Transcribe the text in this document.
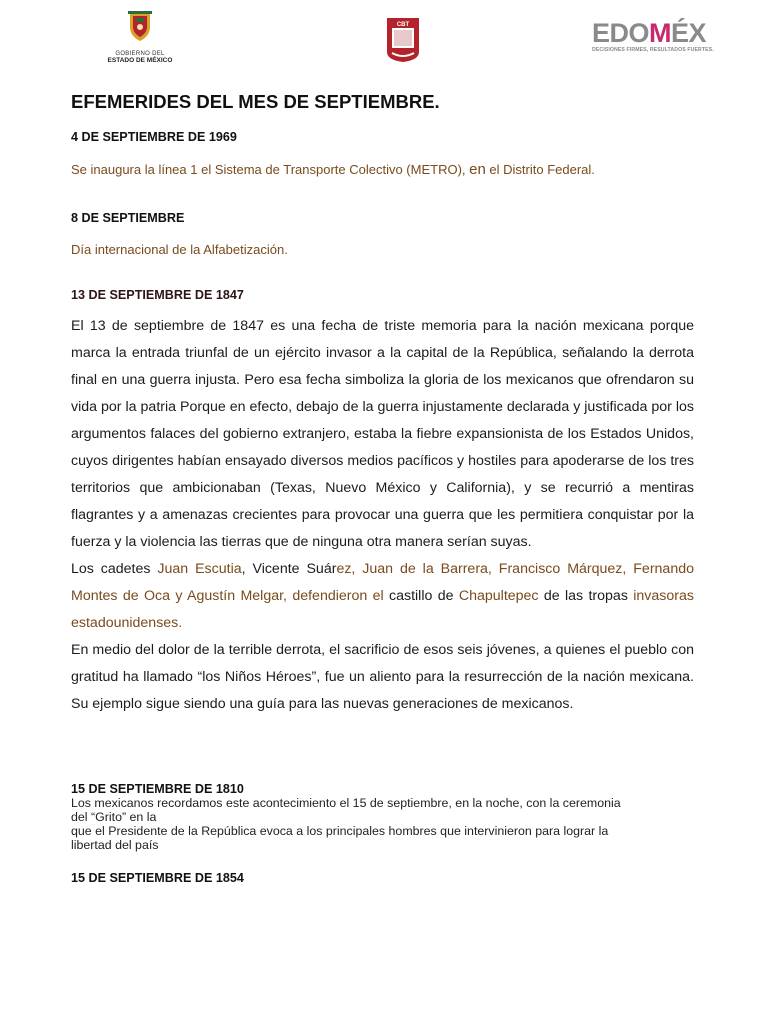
GOBIERNO DEL
ESTADO DE MÉXICO
CBT	EDOMÉX
DECISIONES FIRMES, RESULTADOS FUERTES.
EFEMERIDES DEL MES DE SEPTIEMBRE.
4 DE SEPTIEMBRE DE 1969
Se inaugura la línea 1 el Sistema de Transporte Colectivo (METRO), en el Distrito Federal.
8 DE SEPTIEMBRE
Día internacional de la Alfabetización.
13 DE SEPTIEMBRE DE 1847

El 13 de septiembre de 1847 es una fecha de triste memoria para la nación mexicana porque marca la entrada triunfal de un ejército invasor a la capital de la República, señalando la derrota final en una guerra injusta. Pero esa fecha simboliza la gloria de los mexicanos que ofrendaron su vida por la patria Porque en efecto, debajo de la guerra injustamente declarada y justificada por los argumentos falaces del gobierno extranjero, estaba la fiebre expansionista de los Estados Unidos, cuyos dirigentes habían ensayado diversos medios pacíficos y hostiles para apoderarse de los tres territorios que ambicionaban (Texas, Nuevo México y California), y se recurrió a mentiras flagrantes y a amenazas crecientes para provocar una guerra que les permitiera conquistar por la fuerza y la violencia las tierras que de ninguna otra manera serían suyas.

Los cadetes Juan Escutia, Vicente Suárez, Juan de la Barrera, Francisco Márquez, Fernando Montes de Oca y Agustín Melgar, defendieron el castillo de Chapultepec de las tropas invasoras estadounidenses.

En medio del dolor de la terrible derrota, el sacrificio de esos seis jóvenes, a quienes el pueblo con gratitud ha llamado “los Niños Héroes”, fue un aliento para la resurrección de la nación mexicana. Su ejemplo sigue siendo una guía para las nuevas generaciones de mexicanos.

15 DE SEPTIEMBRE DE 1810
Los mexicanos recordamos este acontecimiento el 15 de septiembre, en la noche, con la ceremonia
del “Grito” en la
que el Presidente de la República evoca a los principales hombres que intervinieron para lograr la
libertad del país
15 DE SEPTIEMBRE DE 1854
